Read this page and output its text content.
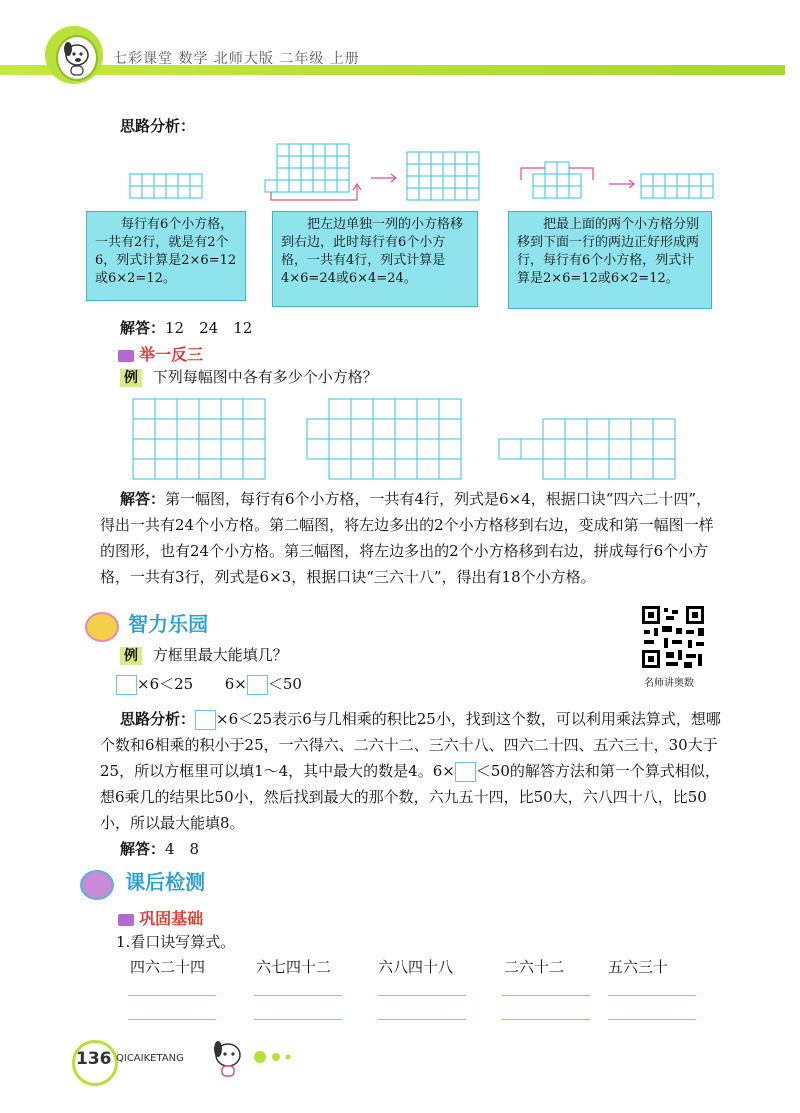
七彩课堂 数学 北师大版 二年级 上册
思路分析：
　　每行有6个小方格，一共有2行，就是有2个6，列式计算是2×6=12或6×2=12。
　　把左边单独一列的小方格移到右边，此时每行有6个小方格，一共有4行，列式计算是4×6=24或6×4=24。
　　把最上面的两个小方格分别移到下面一行的两边正好形成两行，每行有6个小方格，列式计算是2×6=12或6×2=12。
解答：12　24　12
举一反三
例 下列每幅图中各有多少个小方格？
解答：第一幅图，每行有6个小方格，一共有4行，列式是6×4，根据口诀“四六二十四”，得出一共有24个小方格。第二幅图，将左边多出的2个小方格移到右边，变成和第一幅图一样的图形，也有24个小方格。第三幅图，将左边多出的2个小方格移到右边，拼成每行6个小方格，一共有3行，列式是6×3，根据口诀“三六十八”，得出有18个小方格。
智力乐园
名师讲奥数
例 方框里最大能填几？
×6＜25 6× ＜50
思路分析： ×6＜25表示6与几相乘的积比25小，找到这个数，可以利用乘法算式，想哪个数和6相乘的积小于25，一六得六、二六十二、三六十八、四六二十四、五六三十，30大于25，所以方框里可以填1～4，其中最大的数是4。6× ＜50的解答方法和第一个算式相似，想6乘几的结果比50小，然后找到最大的那个数，六九五十四，比50大，六八四十八，比50小，所以最大能填8。
解答：4　8
课后检测
巩固基础
1.看口诀写算式。
四六二十四	六七四十二	六八四十八	二六十二	五六三十
136 QICAIKETANG
